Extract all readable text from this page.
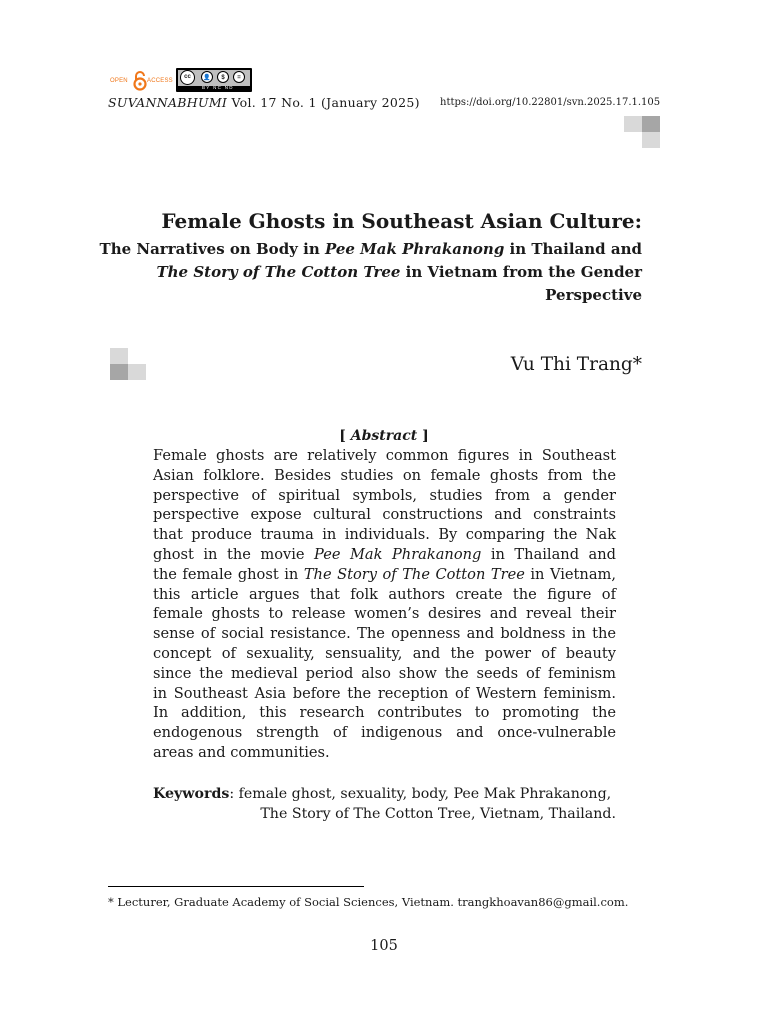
OPEN	ACCESS
cc	👤	$	=
BY NC ND
SUVANNABHUMI Vol. 17 No. 1 (January 2025) https://doi.org/10.22801/svn.2025.17.1.105
Female Ghosts in Southeast Asian Culture:
The Narratives on Body in Pee Mak Phrakanong in Thailand and The Story of The Cotton Tree in Vietnam from the Gender Perspective
Vu Thi Trang*
[ Abstract ]
Female ghosts are relatively common figures in Southeast
Asian folklore. Besides studies on female ghosts from the
perspective of spiritual symbols, studies from a gender
perspective expose cultural constructions and constraints
that produce trauma in individuals. By comparing the Nak
ghost in the movie Pee Mak Phrakanong in Thailand and
the female ghost in The Story of The Cotton Tree in Vietnam,
this article argues that folk authors create the figure of
female ghosts to release women’s desires and reveal their
sense of social resistance. The openness and boldness in the
concept of sexuality, sensuality, and the power of beauty
since the medieval period also show the seeds of feminism
in Southeast Asia before the reception of Western feminism.
In addition, this research contributes to promoting the
endogenous strength of indigenous and once-vulnerable
areas and communities.
Keywords: female ghost, sexuality, body, Pee Mak Phrakanong,
The Story of The Cotton Tree, Vietnam, Thailand.
* Lecturer, Graduate Academy of Social Sciences, Vietnam. trangkhoavan86@gmail.com.
105
